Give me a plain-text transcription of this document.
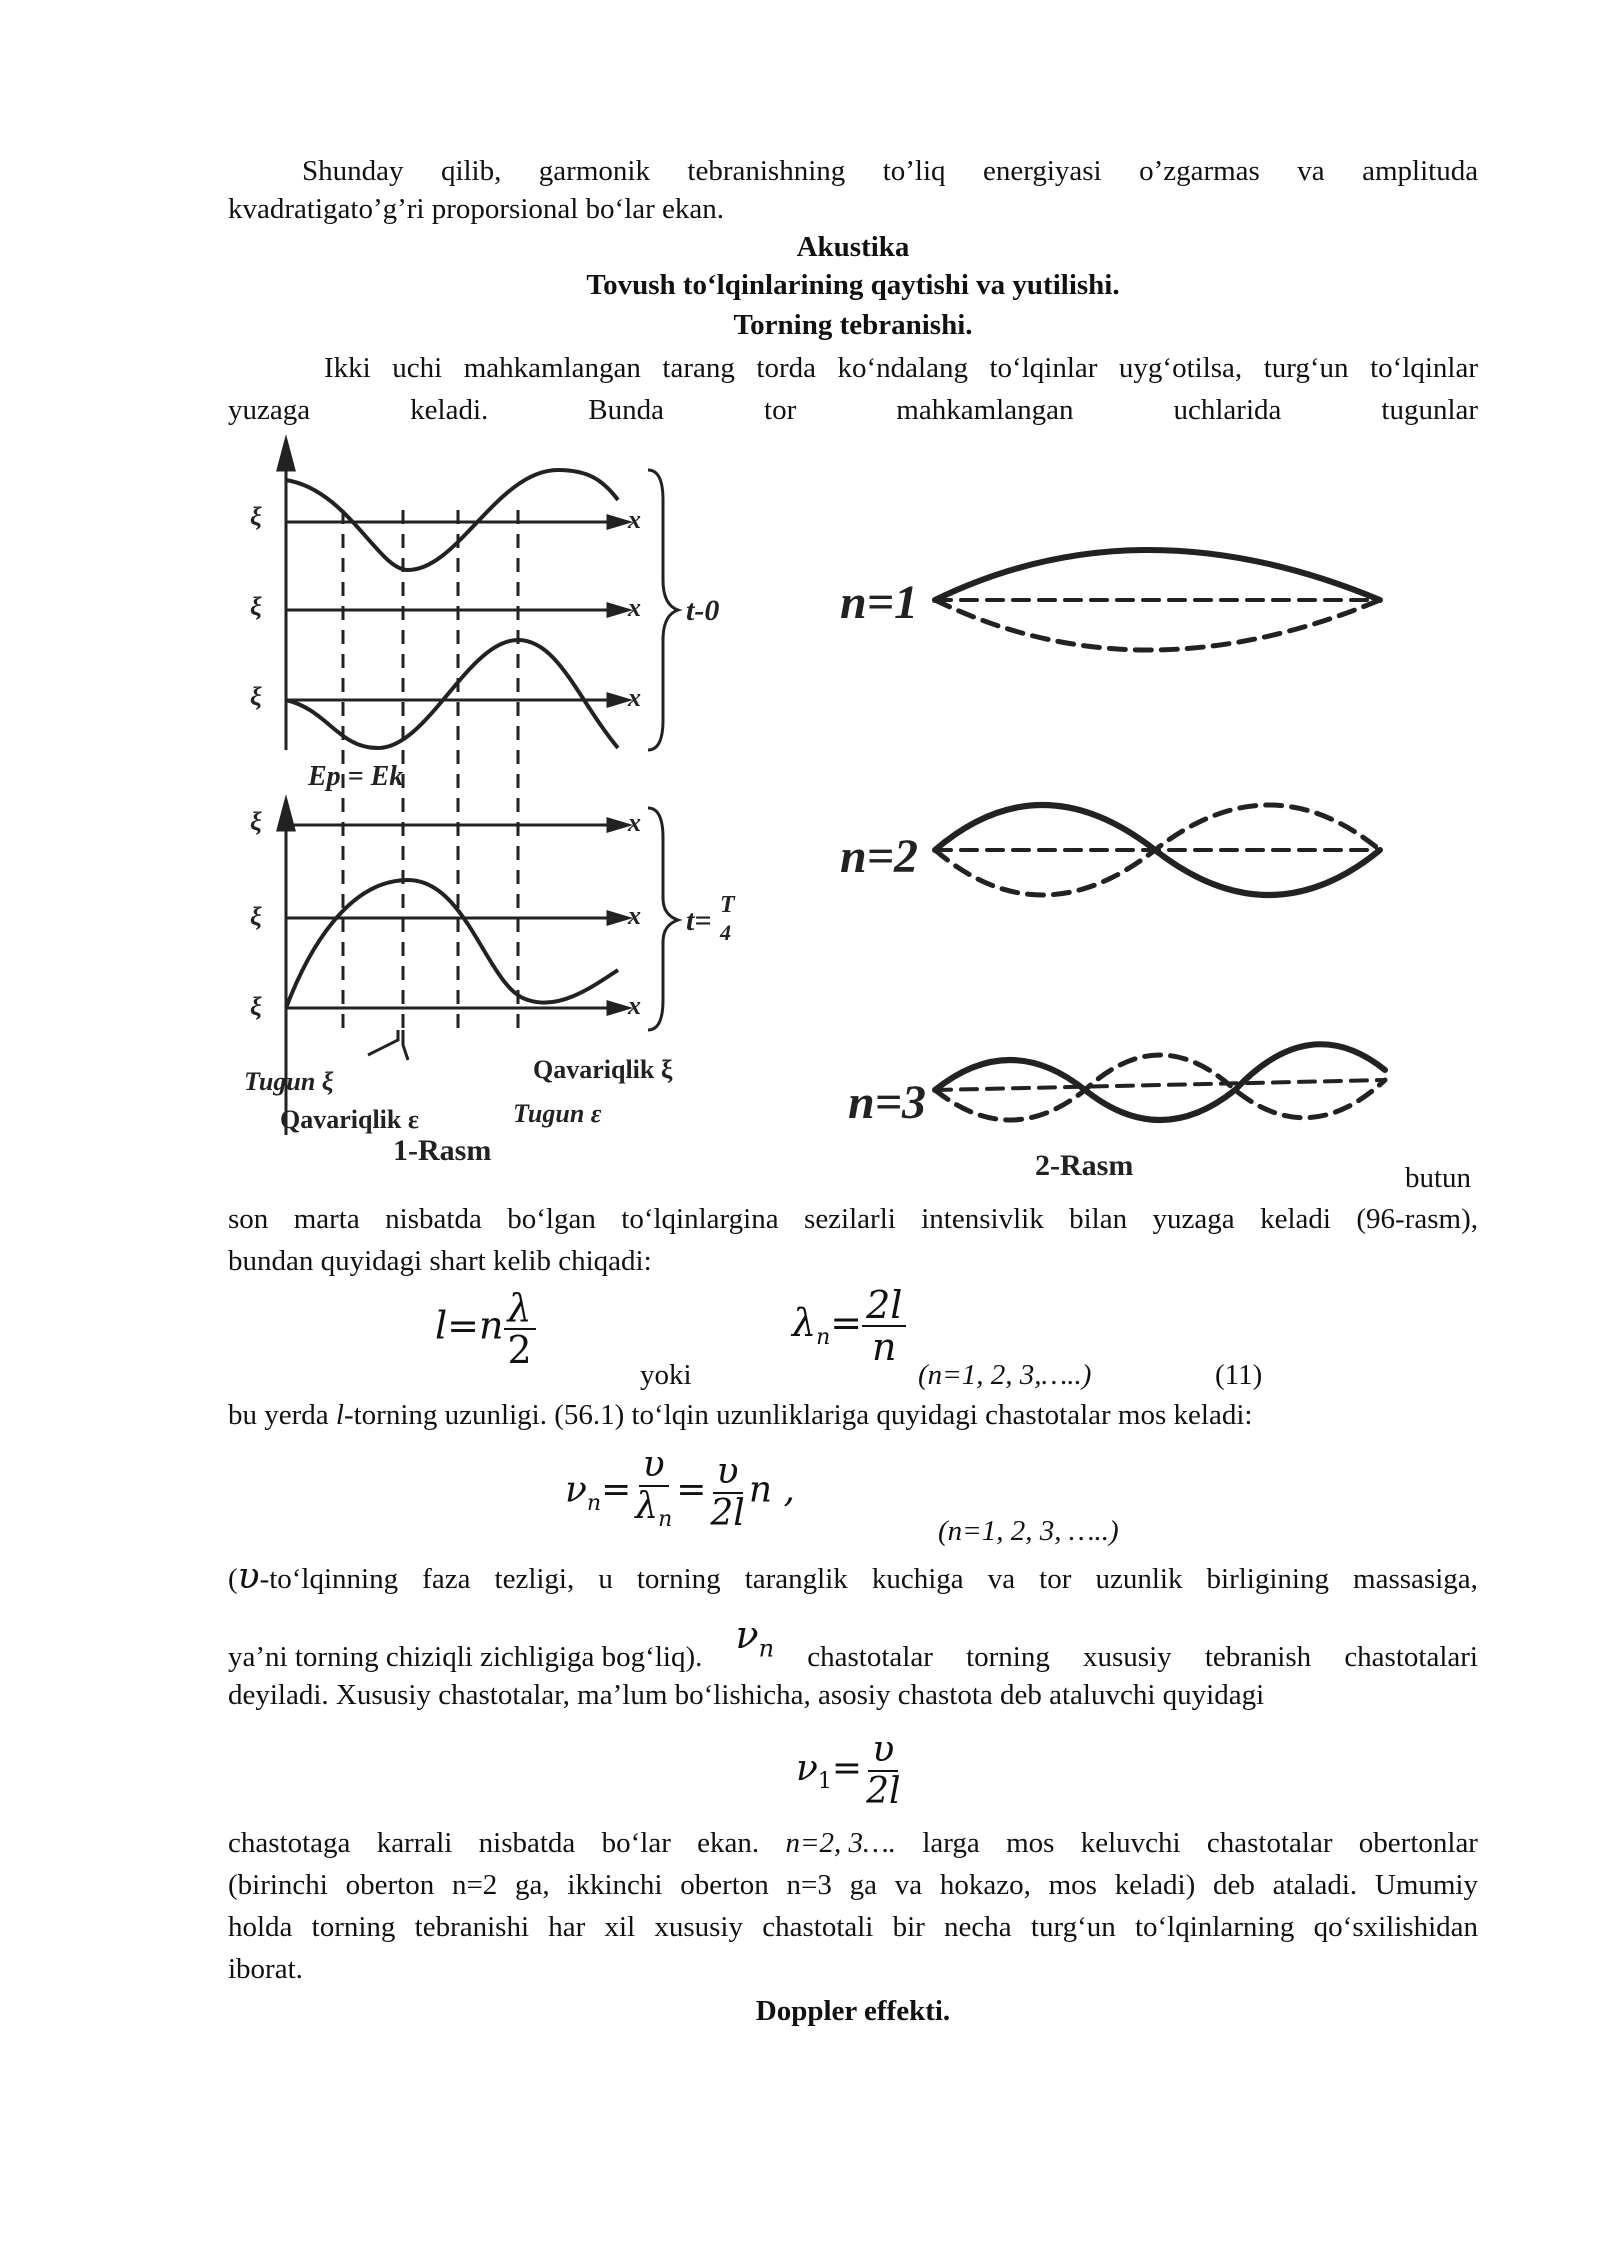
Shunday qilib, garmonik tebranishning to’liq energiyasi o’zgarmas va amplituda
kvadratigato’g’ri proporsional bo‘lar ekan.
Akustika
Tovush to‘lqinlarining qaytishi va yutilishi.
Torning tebranishi.
Ikki uchi mahkamlangan tarang torda ko‘ndalang to‘lqinlar uyg‘otilsa, turg‘un to‘lqinlar
yuzaga	keladi.	Bunda	tor	mahkamlangan	uchlarida	tugunlar
ξ
ξ
ξ
ξ
ξ
ξ
x
x
x
x
x
x
Ep = Ek
t-0
t= T
4
Tugun ξ	Qavariqlik ξ
Qavariqlik ε	Tugun ε
1-Rasm
n=1
n=2
n=3
2-Rasm	butun
son marta nisbatda bo‘lgan to‘lqinlargina sezilarli intensivlik bilan yuzaga keladi (96-rasm),
bundan quyidagi shart kelib chiqadi:
$l=n \frac{\lambda}{2}$
yoki
$\lambda_n= \frac{2l}{n}$
(n=1, 2, 3,…..)	(11)
bu yerda l-torning uzunligi. (56.1) to‘lqin uzunliklariga quyidagi chastotalar mos keladi:
$\nu_n= \frac{\upsilon}{\lambda_n} = \frac{\upsilon}{2l}$ n ,
(n=1, 2, 3, …..)
(υ-to‘lqinning faza tezligi, u torning taranglik kuchiga va tor uzunlik birligining massasiga,
ya’ni torning chiziqli zichligiga bog‘liq). $\nu_n$ chastotalar torning xususiy tebranish chastotalari
deyiladi. Xususiy chastotalar, ma’lum bo‘lishicha, asosiy chastota deb ataluvchi quyidagi
$\nu_1= \frac{\upsilon}{2l}$
chastotaga karrali nisbatda bo‘lar ekan. n=2, 3…. larga mos keluvchi chastotalar obertonlar
(birinchi oberton n=2 ga, ikkinchi oberton n=3 ga va hokazo, mos keladi) deb ataladi. Umumiy
holda torning tebranishi har xil xususiy chastotali bir necha turg‘un to‘lqinlarning qo‘sxilishidan
iborat.
Doppler effekti.
